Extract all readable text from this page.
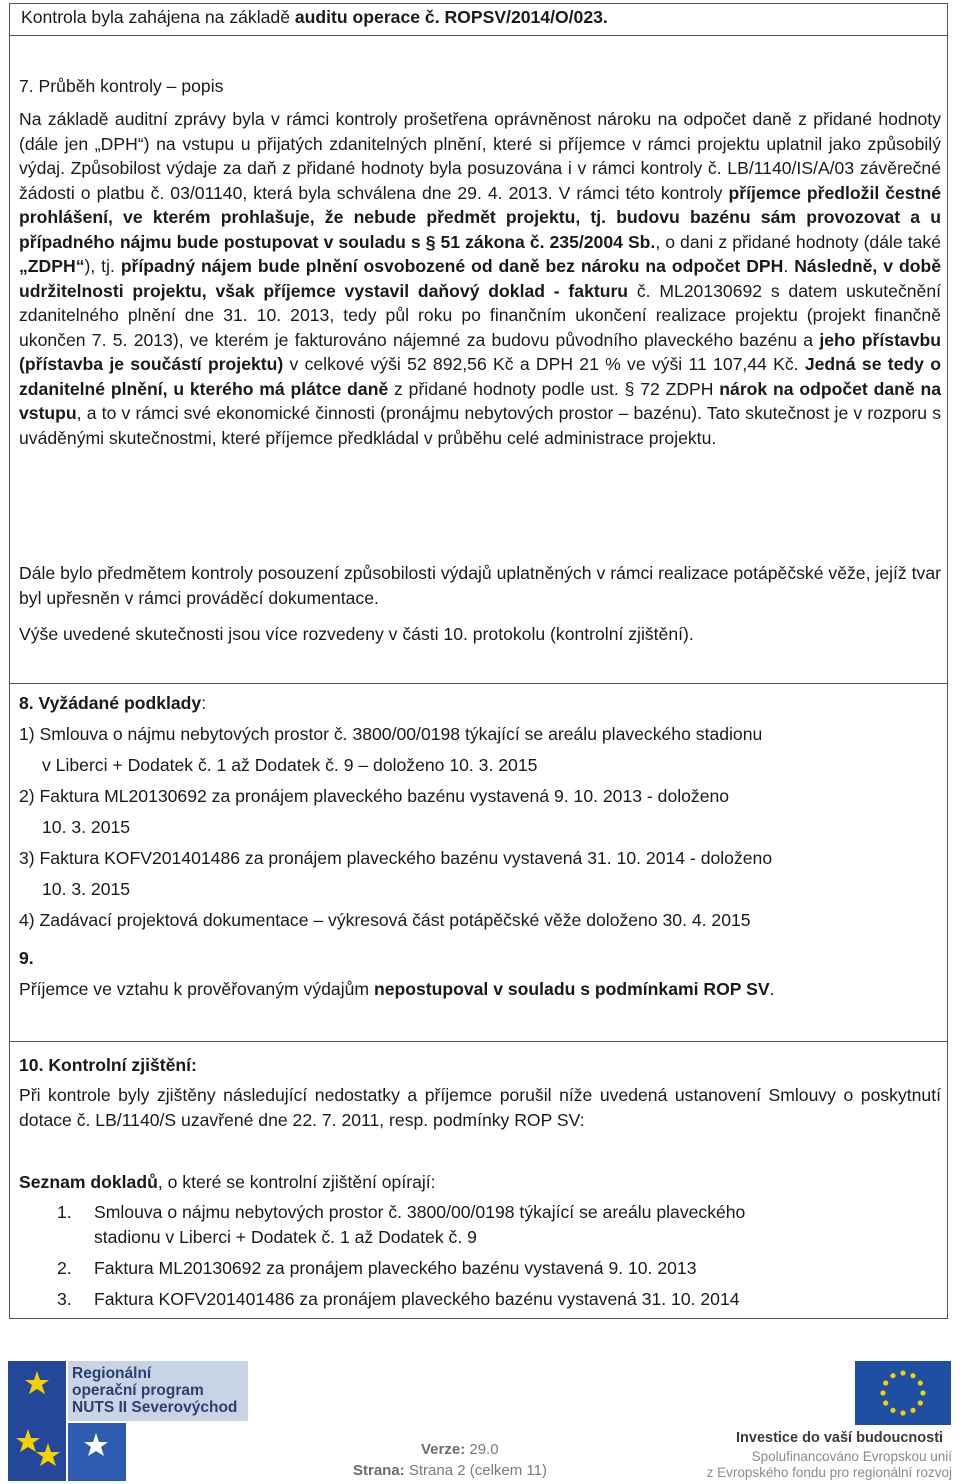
Kontrola byla zahájena na základě auditu operace č. ROPSV/2014/O/023.

7. Průběh kontroly – popis

Na základě auditní zprávy byla v rámci kontroly prošetřena oprávněnost nároku na odpočet daně z přidané hodnoty (dále jen „DPH“) na vstupu u přijatých zdanitelných plnění, které si příjemce v rámci projektu uplatnil jako způsobilý výdaj. Způsobilost výdaje za daň z přidané hodnoty byla posuzována i v rámci kontroly č. LB/1140/IS/A/03 závěrečné žádosti o platbu č. 03/01140, která byla schválena dne 29. 4. 2013. V rámci této kontroly příjemce předložil čestné prohlášení, ve kterém prohlašuje, že nebude předmět projektu, tj. budovu bazénu sám provozovat a u případného nájmu bude postupovat v souladu s § 51 zákona č. 235/2004 Sb., o dani z přidané hodnoty (dále také „ZDPH“), tj. případný nájem bude plnění osvobozené od daně bez nároku na odpočet DPH. Následně, v době udržitelnosti projektu, však příjemce vystavil daňový doklad - fakturu č. ML20130692 s datem uskutečnění zdanitelného plnění dne 31. 10. 2013, tedy půl roku po finančním ukončení realizace projektu (projekt finančně ukončen 7. 5. 2013), ve kterém je fakturováno nájemné za budovu původního plaveckého bazénu a jeho přístavbu (přístavba je součástí projektu) v celkové výši 52 892,56 Kč a DPH 21 % ve výši 11 107,44 Kč. Jedná se tedy o zdanitelné plnění, u kterého má plátce daně z přidané hodnoty podle ust. § 72 ZDPH nárok na odpočet daně na vstupu, a to v rámci své ekonomické činnosti (pronájmu nebytových prostor – bazénu). Tato skutečnost je v rozporu s uváděnými skutečnostmi, které příjemce předkládal v průběhu celé administrace projektu.

Dále bylo předmětem kontroly posouzení způsobilosti výdajů uplatněných v rámci realizace potápěčské věže, jejíž tvar byl upřesněn v rámci prováděcí dokumentace.

Výše uvedené skutečnosti jsou více rozvedeny v části 10. protokolu (kontrolní zjištění).

8. Vyžádané podklady:

1) Smlouva o nájmu nebytových prostor č. 3800/00/0198 týkající se areálu plaveckého stadionu

v Liberci + Dodatek č. 1 až Dodatek č. 9 – doloženo 10. 3. 2015

2) Faktura ML20130692 za pronájem plaveckého bazénu vystavená 9. 10. 2013 - doloženo

10. 3. 2015

3) Faktura KOFV201401486 za pronájem plaveckého bazénu vystavená 31. 10. 2014 - doloženo

10. 3. 2015

4) Zadávací projektová dokumentace – výkresová část potápěčské věže doloženo 30. 4. 2015

9.

Příjemce ve vztahu k prověřovaným výdajům nepostupoval v souladu s podmínkami ROP SV.

10. Kontrolní zjištění:

Při kontrole byly zjištěny následující nedostatky a příjemce porušil níže uvedená ustanovení Smlouvy o poskytnutí dotace č. LB/1140/S uzavřené dne 22. 7. 2011, resp. podmínky ROP SV:

Seznam dokladů, o které se kontrolní zjištění opírají:

1. Smlouva o nájmu nebytových prostor č. 3800/00/0198 týkající se areálu plaveckého

stadionu v Liberci + Dodatek č. 1 až Dodatek č. 9

2. Faktura ML20130692 za pronájem plaveckého bazénu vystavená 9. 10. 2013

3. Faktura KOFV201401486 za pronájem plaveckého bazénu vystavená 31. 10. 2014

Regionální
operační program
NUTS II Severovýchod
Verze: 29.0
Strana: Strana 2 (celkem 11)
Investice do vaší budoucnosti
Spolufinancováno Evropskou unií
z Evropského fondu pro regionální rozvoj
